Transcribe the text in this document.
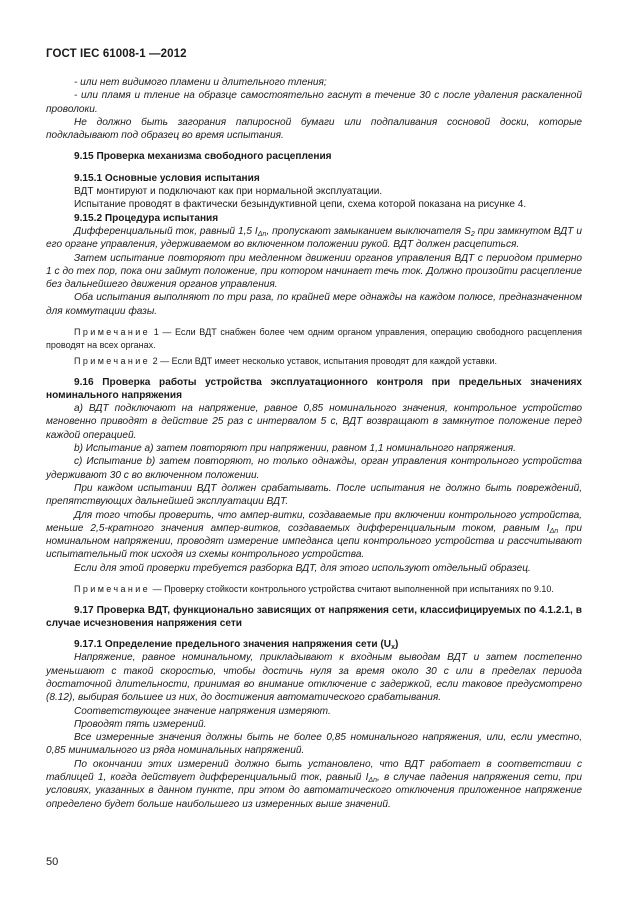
ГОСТ IEC 61008-1 —2012

- или нет видимого пламени и длительного тления;

- или пламя и тление на образце самостоятельно гаснут в течение 30 с после удаления раскаленной проволоки.

Не должно быть загорания папиросной бумаги или подпаливания сосновой доски, которые подкладывают под образец во время испытания.

9.15 Проверка механизма свободного расцепления

9.15.1 Основные условия испытания

ВДТ монтируют и подключают как при нормальной эксплуатации.

Испытание проводят в фактически безындуктивной цепи, схема которой показана на рисунке 4.

9.15.2 Процедура испытания

Дифференциальный ток, равный 1,5 $I_{\Delta n}$, пропускают замыканием выключателя $S_2$ при замкнутом ВДТ и его органе управления, удерживаемом во включенном положении рукой. ВДТ должен расцепиться.

Затем испытание повторяют при медленном движении органов управления ВДТ с периодом примерно 1 с до тех пор, пока они займут положение, при котором начинает течь ток. Должно произойти расцепление без дальнейшего движения органов управления.

Оба испытания выполняют по три раза, по крайней мере однажды на каждом полюсе, предназначенном для коммутации фазы.

Примечание 1 — Если ВДТ снабжен более чем одним органом управления, операцию свободного расцепления проводят на всех органах.

Примечание 2 — Если ВДТ имеет несколько уставок, испытания проводят для каждой уставки.

9.16 Проверка работы устройства эксплуатационного контроля при предельных значениях номинального напряжения

а) ВДТ подключают на напряжение, равное 0,85 номинального значения, контрольное устройство мгновенно приводят в действие 25 раз с интервалом 5 с, ВДТ возвращают в замкнутое положение перед каждой операцией.

b) Испытание а) затем повторяют при напряжении, равном 1,1 номинального напряжения.

с) Испытание b) затем повторяют, но только однажды, орган управления контрольного устройства удерживают 30 с во включенном положении.

При каждом испытании ВДТ должен срабатывать. После испытания не должно быть повреждений, препятствующих дальнейшей эксплуатации ВДТ.

Для того чтобы проверить, что ампер-витки, создаваемые при включении контрольного устройства, меньше 2,5-кратного значения ампер-витков, создаваемых дифференциальным током, равным $I_{\Delta n}$ при номинальном напряжении, проводят измерение импеданса цепи контрольного устройства и рассчитывают испытательный ток исходя из схемы контрольного устройства.

Если для этой проверки требуется разборка ВДТ, для этого используют отдельный образец.

Примечание — Проверку стойкости контрольного устройства считают выполненной при испытаниях по 9.10.

9.17 Проверка ВДТ, функционально зависящих от напряжения сети, классифицируемых по 4.1.2.1, в случае исчезновения напряжения сети

9.17.1 Определение предельного значения напряжения сети $(U_x)$

Напряжение, равное номинальному, прикладывают к входным выводам ВДТ и затем постепенно уменьшают с такой скоростью, чтобы достичь нуля за время около 30 с или в пределах периода достаточной длительности, принимая во внимание отключение с задержкой, если таковое предусмотрено (8.12), выбирая большее из них, до достижения автоматического срабатывания.

Соответствующее значение напряжения измеряют.

Проводят пять измерений.

Все измеренные значения должны быть не более 0,85 номинального напряжения, или, если уместно, 0,85 минимального из ряда номинальных напряжений.

По окончании этих измерений должно быть установлено, что ВДТ работает в соответствии с таблицей 1, когда действует дифференциальный ток, равный $I_{\Delta n}$, в случае падения напряжения сети, при условиях, указанных в данном пункте, при этом до автоматического отключения приложенное напряжение определено будет больше наибольшего из измеренных выше значений.

50
